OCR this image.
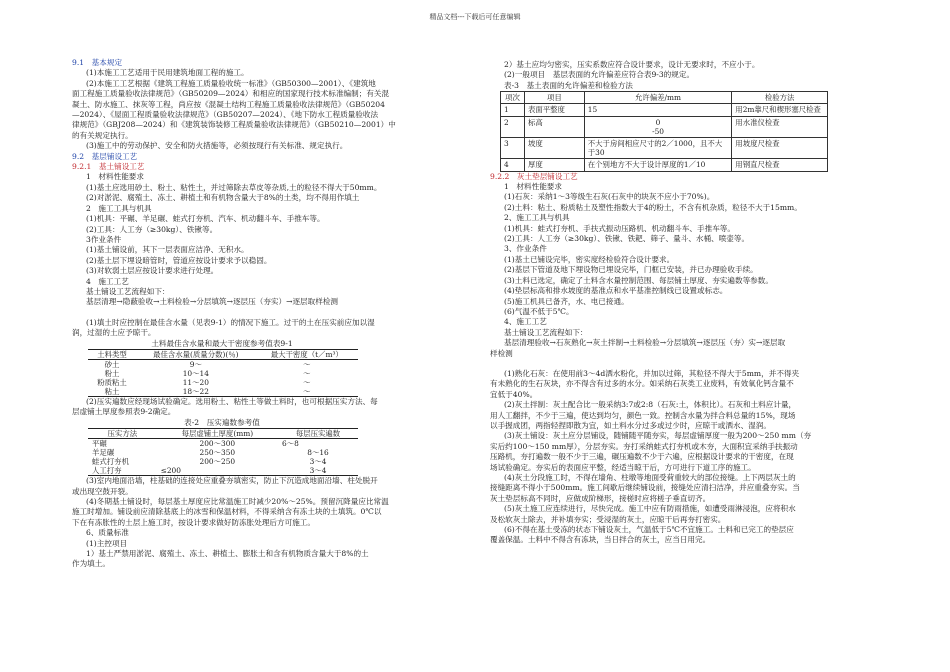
精品文档---下载后可任意编辑
9.1　基本规定
(1)本施工工艺适用于民用建筑地面工程的施工。
(2)本施工工艺根据《建筑工程施工质量验收统一标准》（GB50300—2001）、《建筑地
面工程施工质量验收法律规范》（GB50209—2024）和相应的国家现行技术标准编制；有关混
凝土、防水施工、抹灰等工程，尚应按《混凝土结构工程施工质量验收法律规范》（GB50204
—2024）、《屋面工程质量验收法律规范》（GB50207—2024）、《地下防水工程质量验收法
律规范》（GBJ208—2024）和《建筑装饰装修工程质量验收法律规范》（GB50210—2001）中
的有关规定执行。
(3)施工中的劳动保护、安全和防火措施等，必须按现行有关标准、规定执行。
9.2　基层铺设工艺
9.2.1　基土铺设工艺
1　材料性能要求
(1)基土应选用砂土、粉土、粘性土，并过筛除去草皮等杂质,土的粒径不得大于50mm。
(2)对淤泥、腐殖土、冻土、耕植土和有机物含量大于8%的土类，均不得用作填土
2　施工工具与机具
(1)机具：平碾、羊足碾、蛙式打夯机、汽车、机动翻斗车、手推车等。
(2)工具：人工夯（≥30kg）、铁锹等。
3作业条件
(1)基土铺设前，其下一层表面应洁净、无积水。
(2)基土层下埋设暗管时，管道应按设计要求予以稳固。
(3)对软弱土层应按设计要求进行处理。
4　施工工艺
基土铺设工艺流程如下：
基层清理→隐蔽验收→土料检验→分层填筑→逐层压（夯实）→逐层取样检测
(1)填土时应控制在最佳含水量（见表9-1）的情况下施工。过干的土在压实前应加以湿
润，过湿的土应予晾干。
土料最佳含水量和最大干密度参考值表9-1
土料类型	最佳含水量(质量分数)(％)	最大干密度（t／m³）
砂土	9～	～
粉土	10～14	～
粉质粘土	11～20	～
粘土	18～22	～
(2)压实遍数应经现场试验确定。选用粉土、粘性土等做土料时，也可根据压实方法、每
层虚铺土厚度参照表9-2确定。
表-2　压实遍数参考值
压实方法	每层虚铺土厚度(mm)	每层压实遍数
平碾	200～300	6～8
羊足碾	250～350	8～16
蛙式打夯机	200～250	3～4
人工打夯	≤200	3～4
(3)室内地面沿墙，柱基础的连接处应重叠夯填密实，防止下沉造成地面沿墙、柱处脱开
或出现空鼓开裂。
(4)冬期基土铺设时，每层基土厚度应比常温施工时减少20%～25%。预留沉降量应比常温
施工时增加。铺设前应清除基底上的冰雪和保温材料，不得采纳含有冻土块的土填筑。0℃以
下在有冻胀性的土层上施工时，按设计要求做好防冻胀处理后方可施工。
6、质量标准
(1)主控项目
1）基土严禁用淤泥、腐殖土、冻土、耕植土、膨胀土和含有机物质含量大于8%的土
作为填土。
2）基土应均匀密实，压实系数应符合设计要求，设计无要求时，不应小于。
(2)一般项目　基层表面的允许偏差应符合表9-3的规定。
表-3　基土表面的允许偏差和检验方法
项次	项目	允许偏差/mm	检验方法
1	表面平整度	15	用2m靠尺和楔形塞尺检查
2	标高	0
-50	用水准仪检查
3	坡度	不大于房间相应尺寸的2／1000，且不大于30	用坡度尺检查
4	厚度	在个别地方不大于设计厚度的1／10	用钢直尺检查
9.2.2　灰土垫层铺设工艺
1　材料性能要求
(1)石灰：采纳1～3等级生石灰(石灰中的块灰不应小于70%)。
(2)土料：粘土、粉质粘土及塑性指数大于4的粉土，不含有机杂质，粒径不大于15mm。
2、施工工具与机具
(1)机具：蛙式打夯机、手扶式振动压路机、机动翻斗车、手推车等。
(2)工具：人工夯（≥30kg）、铁锹、铁耙、筛子、量斗、水桶、喷壶等。
3、作业条件
(1)基土已铺设完毕，密实度经检验符合设计要求。
(2)基层下管道及地下埋设物已埋设完毕，门框已安装，并已办理验收手续。
(3)土料已选定，确定了土料含水量控制范围、每层铺土厚度、夯实遍数等参数。
(4)垫层标高和排水坡度的基准点和水平基准控制线已设置或标志。
(5)施工机具已备齐，水、电已接通。
(6)气温不低于5℃。
4、施工工艺
基土铺设工艺流程如下：
基层清理验收→石灰熟化→灰土拌制→土料检验→分层填筑→逐层压（夯）实→逐层取
样检测
(1)熟化石灰：在使用前3～4d洒水粉化，并加以过筛，其粒径不得大于5mm，并不得夹
有未熟化的生石灰块，亦不得含有过多的水分。如采纳石灰类工业废料，有效氧化钙含量不
宜低于40%。
(2)灰土拌制：灰土配合比一般采纳3:7或2:8（石灰:土，体积比）。石灰和土料应计量，
用人工翻拌，不少于三遍，使达到均匀，颜色一致。控制含水量为拌合料总量的15%，现场
以手握成团，两指轻捏即散为宜，如土料水分过多或过少时，应晾干或洒水、湿润。
(3)灰土铺设：灰土应分层铺设，随铺随平随夯实，每层虚铺厚度一般为200～250 mm（夯
实后约100～150 mm厚），分层夯实。夯打采纳蛙式打夯机或木夯，大面积宜采纳手扶振动
压路机，夯打遍数一般不少于三遍，碾压遍数不少于六遍，应根据设计要求的干密度，在现
场试验确定。夯实后的表面应平整，经适当晾干后，方可进行下道工序的施工。
(4)灰土分段施工时，不得在墙角、柱墩等地面受荷重较大的部位接缝。上下两层灰土的
接缝距离不得小于500mm。施工间歇后继续铺设前，接缝处应清扫洁净，并应重叠夯实。当
灰土垫层标高不同时，应做成阶梯形，接槎时应将槎子垂直切齐。
(5)灰土施工应连续进行，尽快完成。施工中应有防雨措施，如遭受雨淋浸泡，应将积水
及松软灰土除去，并补填夯实；受浸湿的灰土，应晾干后再夯打密实。
(6)不得在基土受冻的状态下铺设灰土，气温低于5℃不宜施工。土料和已完工的垫层应
覆盖保温。土料中不得含有冻块，当日拌合的灰土，应当日用完。
